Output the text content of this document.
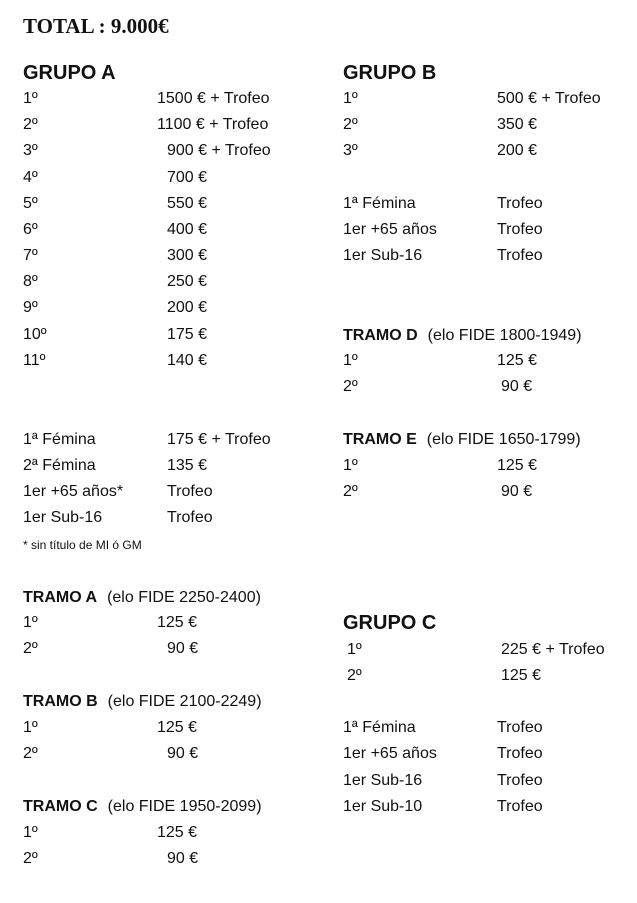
TOTAL : 9.000€
GRUPO A
1º	1500 € + Trofeo
2º	1100 € + Trofeo
3º	900 € + Trofeo
4º	700 €
5º	550 €
6º	400 €
7º	300 €
8º	250 €
9º	200 €
10º	175 €
11º	140 €
1ª Fémina	175 € + Trofeo
2ª Fémina	135 €
1er +65 años*	Trofeo
1er Sub-16	Trofeo
* sin título de MI ó GM
TRAMO A (elo FIDE 2250-2400)
1º	125 €
2º	90 €
TRAMO B (elo FIDE 2100-2249)
1º	125 €
2º	90 €
TRAMO C (elo FIDE 1950-2099)
1º	125 €
2º	90 €
GRUPO B
1º	500 € + Trofeo
2º	350 €
3º	200 €
1ª Fémina	Trofeo
1er +65 años	Trofeo
1er Sub-16	Trofeo
TRAMO D (elo FIDE 1800-1949)
1º	125 €
2º	90 €
TRAMO E (elo FIDE 1650-1799)
1º	125 €
2º	90 €
GRUPO C
1º	225 € + Trofeo
2º	125 €
1ª Fémina	Trofeo
1er +65 años	Trofeo
1er Sub-16	Trofeo
1er Sub-10	Trofeo
